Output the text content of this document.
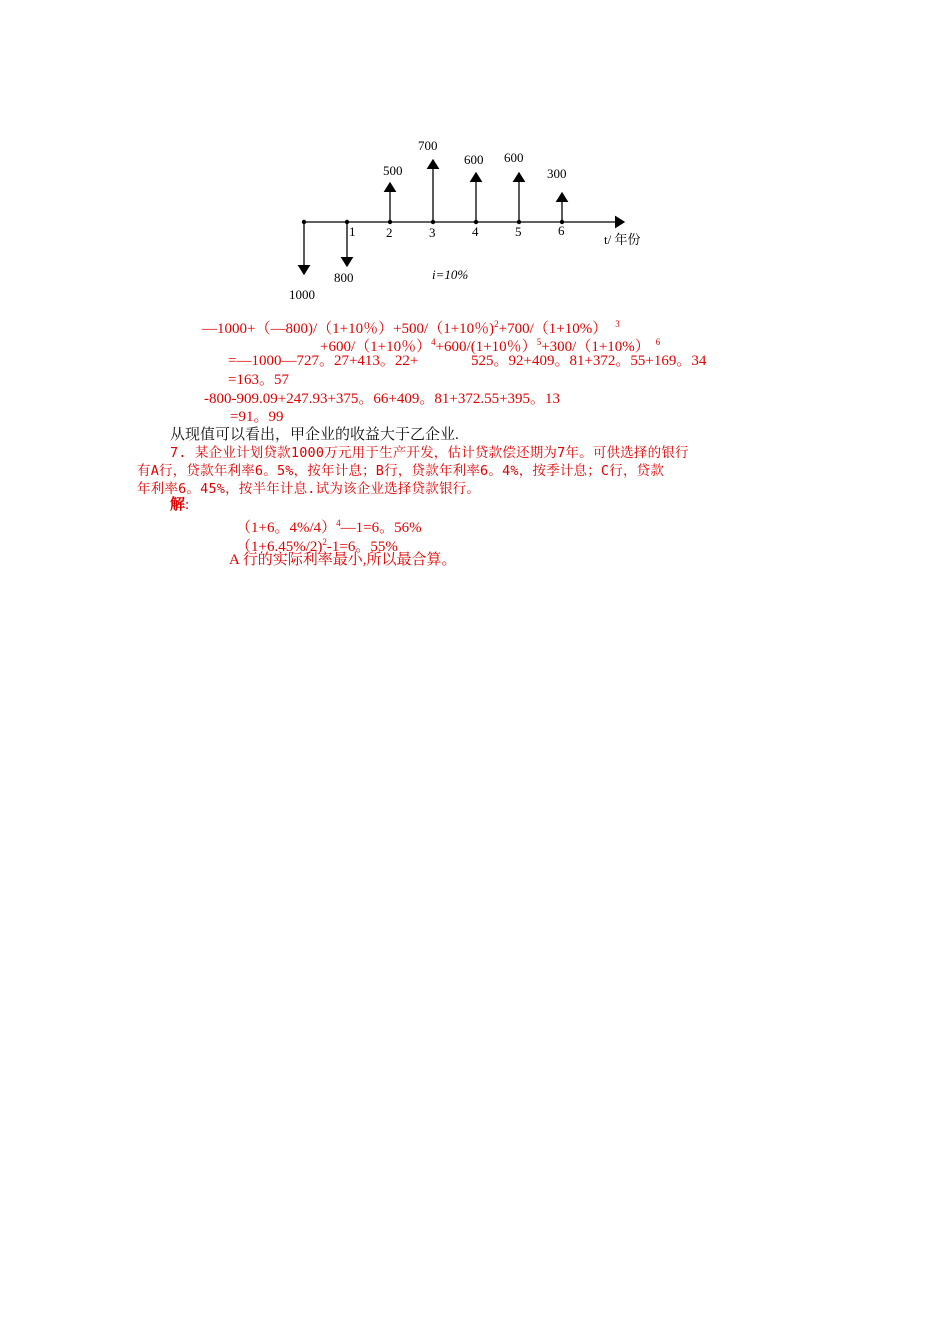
500
700
600 600
300
1000
800
1 2	3	4	5	6
t/ 年份
i=10%
—1000+（—800)/（1+10％）+500/（1+10％)$^2$+700/（1+10%） $^3$
+600/（1+10％）$^4$+600/(1+10％）$^5$+300/（1+10%） $^6$
=—1000—727。27+413。22+	525。92+409。81+372。55+169。34
=163。57
-800-909.09+247.93+375。66+409。81+372.55+395。13
=91。99
从现值可以看出，甲企业的收益大于乙企业.
7. 某企业计划贷款1000万元用于生产开发，估计贷款偿还期为7年。可供选择的银行
有A行，贷款年利率6。5%，按年计息；B行，贷款年利率6。4%，按季计息；C行，贷款
年利率6。45%，按半年计息.试为该企业选择贷款银行。
解:
（1+6。4%/4）$^4$—1=6。56%
（1+6.45%/2)$^2$-1=6。55%
A 行的实际利率最小,所以最合算。
